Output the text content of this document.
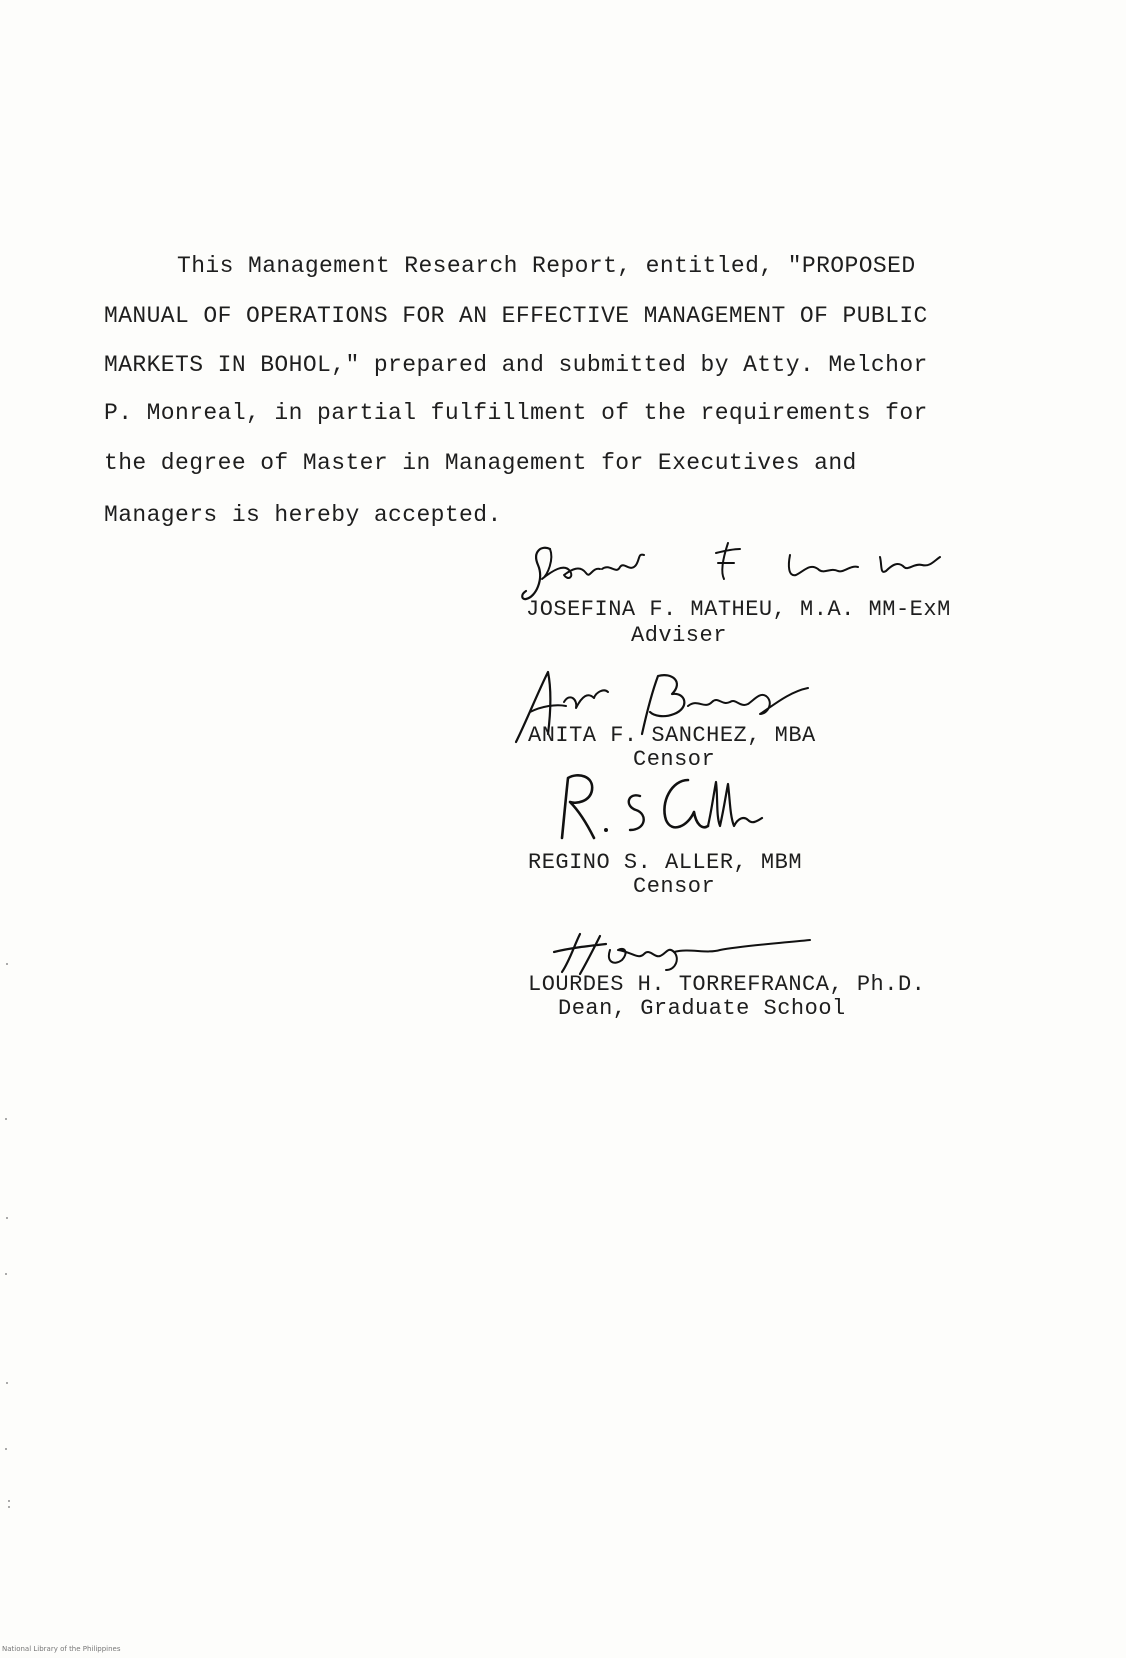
This Management Research Report, entitled, "PROPOSED
MANUAL OF OPERATIONS FOR AN EFFECTIVE MANAGEMENT OF PUBLIC
MARKETS IN BOHOL," prepared and submitted by Atty. Melchor
P. Monreal, in partial fulfillment of the requirements for
the degree of Master in Management for Executives and
Managers is hereby accepted.
JOSEFINA F. MATHEU, M.A. MM-ExM
Adviser
ANITA F. SANCHEZ, MBA
Censor
REGINO S. ALLER, MBM
Censor
LOURDES H. TORREFRANCA, Ph.D.
Dean, Graduate School
National Library of the Philippines
